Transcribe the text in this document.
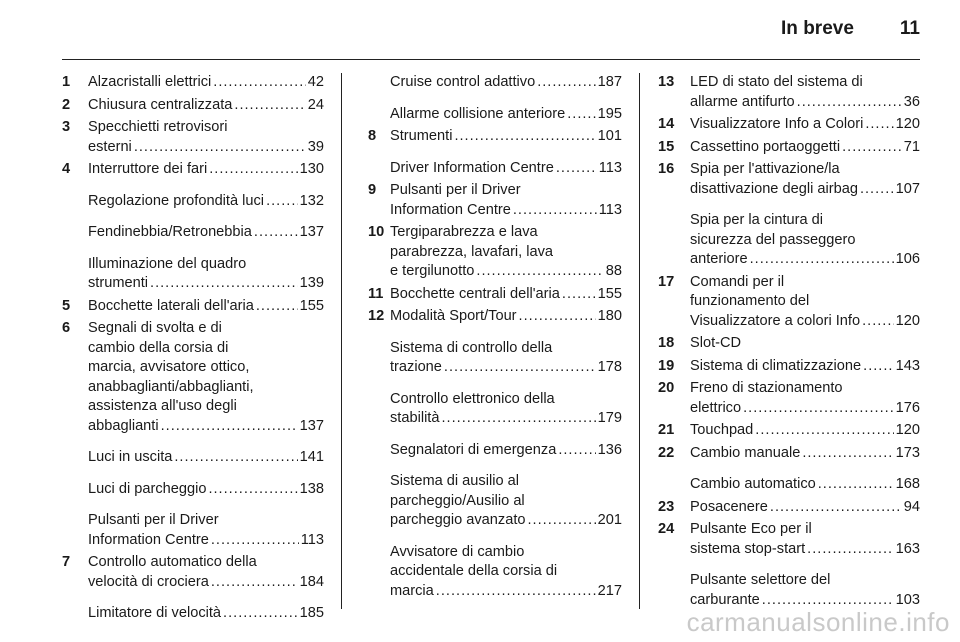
In breve 11
1	Alzacristalli elettrici .....	42
2	Chiusura centralizzata .....	24
3	Specchietti retrovisori
esterni .....	39
4	Interruttore dei fari .....	130
Regolazione profondità luci ..... 132
Fendinebbia/Retronebbia .....	137
Illuminazione del quadro
strumenti .....	139
5	Bocchette laterali dell'aria .....	155
6	Segnali di svolta e di
cambio della corsia di
marcia, avvisatore ottico,
anabbaglianti/abbaglianti,
assistenza all'uso degli
abbaglianti .....	137
Luci in uscita .....	141
Luci di parcheggio .....	138
Pulsanti per il Driver
Information Centre .....	113
7	Controllo automatico della
velocità di crociera .....	184
Limitatore di velocità .....	185
Cruise control adattivo .....	187
Allarme collisione anteriore ..... 195
8 Strumenti .....	101
Driver Information Centre .....	113
9 Pulsanti per il Driver
Information Centre .....	113
10 Tergiparabrezza e lava
parabrezza, lavafari, lava
e tergilunotto .....	88
11 Bocchette centrali dell'aria .....	155
12 Modalità Sport/Tour .....	180
Sistema di controllo della
trazione .....	178
Controllo elettronico della
stabilità .....	179
Segnalatori di emergenza .....	136
Sistema di ausilio al
parcheggio/Ausilio al
parcheggio avanzato .....	201
Avvisatore di cambio
accidentale della corsia di
marcia .....	217
13	LED di stato del sistema di
allarme antifurto .....	36
14	Visualizzatore Info a Colori ..... 120
15	Cassettino portaoggetti .....	71
16	Spia per l'attivazione/la
disattivazione degli airbag .....	107
Spia per la cintura di
sicurezza del passeggero
anteriore .....	106
17	Comandi per il
funzionamento del
Visualizzatore a colori Info ..... 120
18	Slot-CD
19	Sistema di climatizzazione ..... 143
20	Freno di stazionamento
elettrico .....	176
21	Touchpad .....	120
22	Cambio manuale .....	173
Cambio automatico .....	168
23	Posacenere .....	94
24	Pulsante Eco per il
sistema stop-start .....	163
Pulsante selettore del
carburante .....	103
carmanualsonline.info
